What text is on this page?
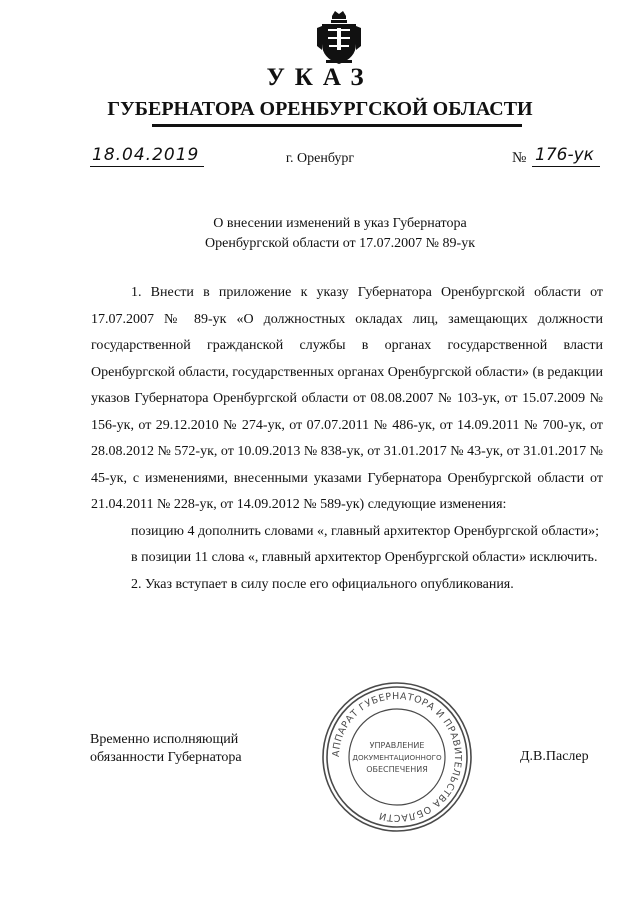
УКАЗ
ГУБЕРНАТОРА ОРЕНБУРГСКОЙ ОБЛАСТИ
18.04.2019	г. Оренбург	№ 176-ук
О внесении изменений в указ Губернатора
Оренбургской области от 17.07.2007 № 89-ук

1. Внести в приложение к указу Губернатора Оренбургской области от 17.07.2007 № 89-ук «О должностных окладах лиц, замещающих должности государственной гражданской службы в органах государственной власти Оренбургской области, государственных органах Оренбургской области» (в редакции указов Губернатора Оренбургской области от 08.08.2007 № 103-ук, от 15.07.2009 № 156-ук, от 29.12.2010 № 274-ук, от 07.07.2011 № 486-ук, от 14.09.2011 № 700-ук, от 28.08.2012 № 572-ук, от 10.09.2013 № 838-ук, от 31.01.2017 № 43-ук, от 31.01.2017 № 45-ук, с изменениями, внесенными указами Губернатора Оренбургской области от 21.04.2011 № 228-ук, от 14.09.2012 № 589-ук) следующие изменения:

позицию 4 дополнить словами «, главный архитектор Оренбургской области»;

в позиции 11 слова «, главный архитектор Оренбургской области» исключить.

2. Указ вступает в силу после его официального опубликования.

Временно исполняющий
обязанности Губернатора	Д.В.Паслер
АППАРАТ ГУБЕРНАТОРА И ПРАВИТЕЛЬСТВА ОБЛАСТИ
УПРАВЛЕНИЕ
ДОКУМЕНТАЦИОННОГО
ОБЕСПЕЧЕНИЯ
